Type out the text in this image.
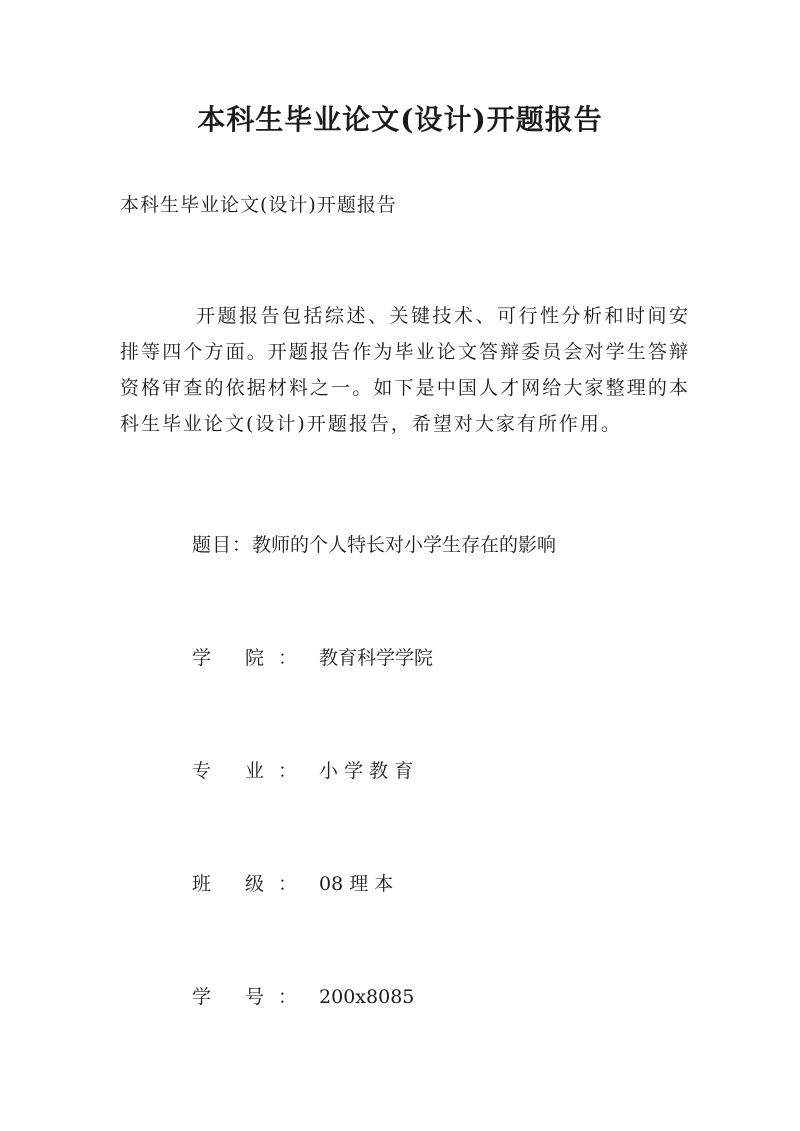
本科生毕业论文(设计)开题报告

本科生毕业论文(设计)开题报告

开题报告包括综述、关键技术、可行性分析和时间安排等四个方面。开题报告作为毕业论文答辩委员会对学生答辩资格审查的依据材料之一。如下是中国人才网给大家整理的本科生毕业论文(设计)开题报告，希望对大家有所作用。

题目：教师的个人特长对小学生存在的影响

学 院： 教育科学学院

专 业： 小 学 教 育

班 级： 08 理 本

学 号： 200x8085
